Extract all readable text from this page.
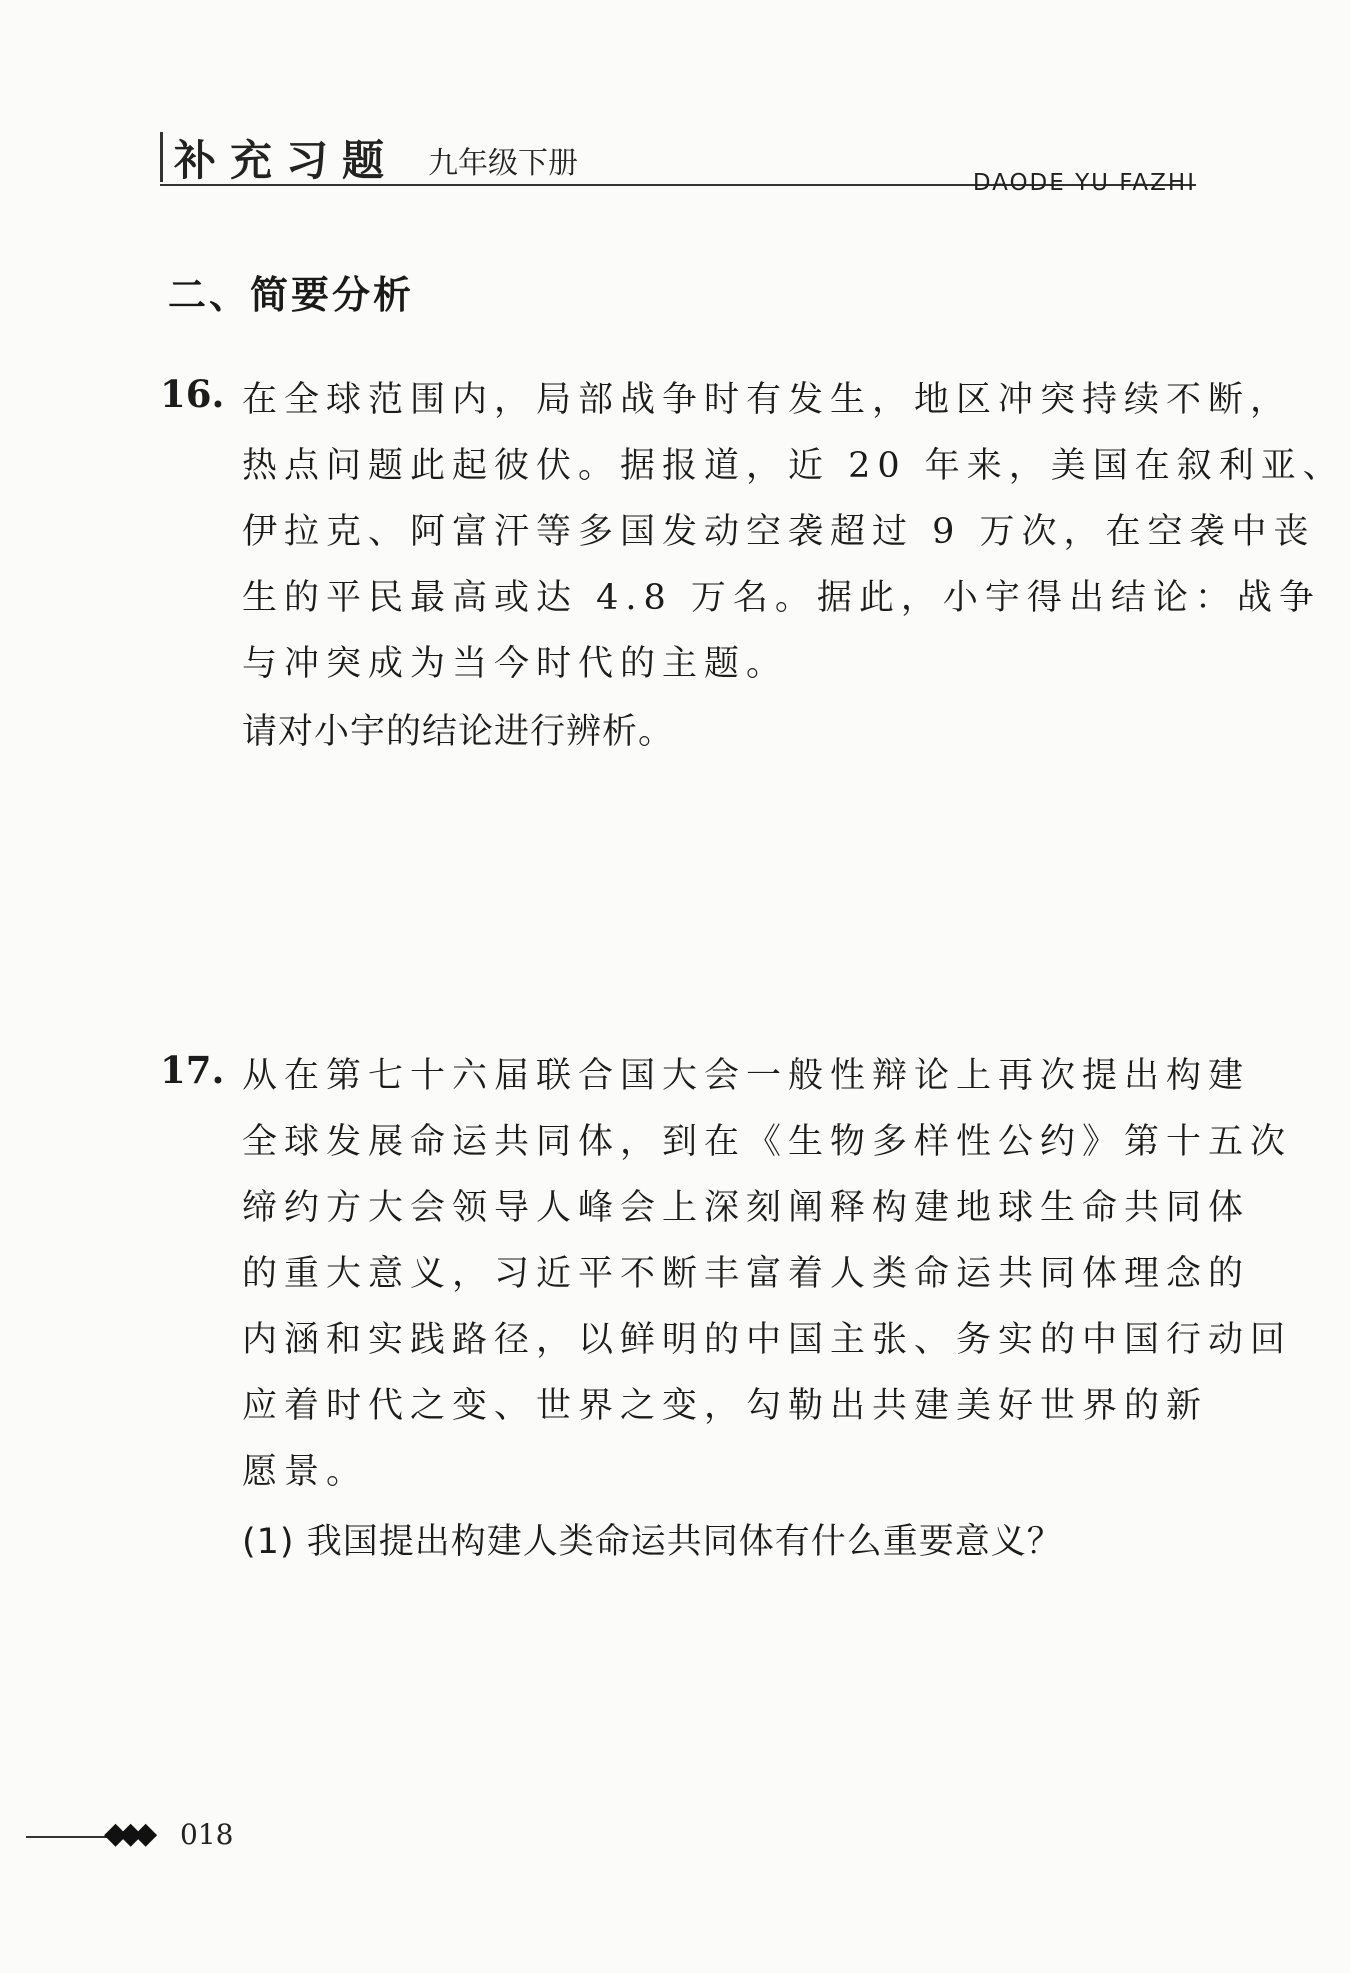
补充习题 九年级下册
DAODE YU FAZHI
二、简要分析
16. 在全球范围内，局部战争时有发生，地区冲突持续不断，
热点问题此起彼伏。据报道，近 20 年来，美国在叙利亚、
伊拉克、阿富汗等多国发动空袭超过 9 万次，在空袭中丧
生的平民最高或达 4.8 万名。据此，小宇得出结论：战争
与冲突成为当今时代的主题。
请对小宇的结论进行辨析。
17. 从在第七十六届联合国大会一般性辩论上再次提出构建
全球发展命运共同体，到在《生物多样性公约》第十五次
缔约方大会领导人峰会上深刻阐释构建地球生命共同体
的重大意义，习近平不断丰富着人类命运共同体理念的
内涵和实践路径，以鲜明的中国主张、务实的中国行动回
应着时代之变、世界之变，勾勒出共建美好世界的新
愿景。
(1) 我国提出构建人类命运共同体有什么重要意义？
◆◆◆ 018
